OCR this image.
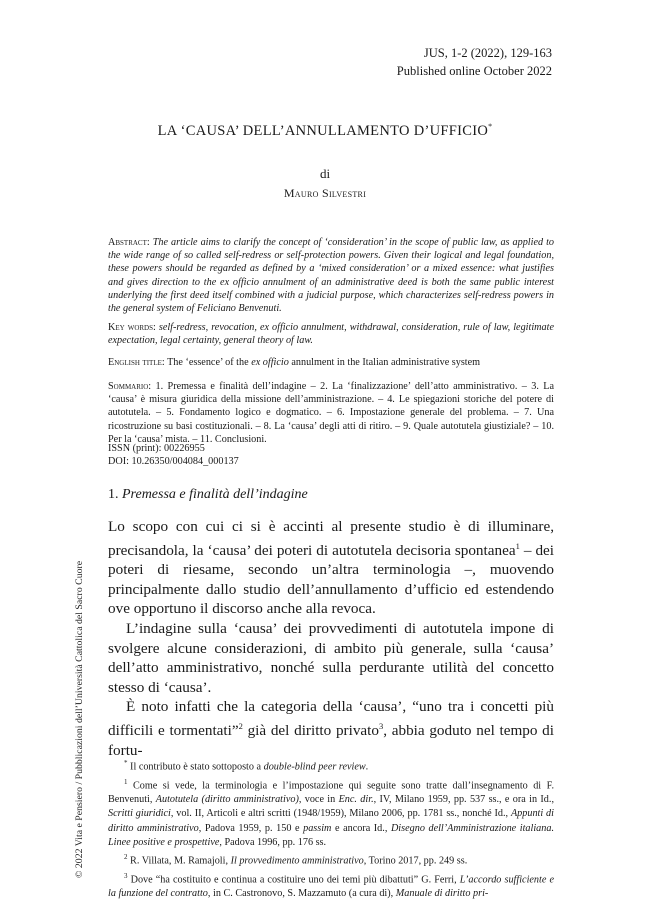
JUS, 1-2 (2022), 129-163
Published online October 2022
LA ‘CAUSA’ DELL’ANNULLAMENTO D’UFFICIO*
di
Mauro Silvestri
Abstract: The article aims to clarify the concept of ‘consideration’ in the scope of public law, as applied to the wide range of so called self-redress or self-protection powers. Given their logical and legal foundation, these powers should be regarded as defined by a ‘mixed consideration’ or a mixed essence: what justifies and gives direction to the ex officio annulment of an administrative deed is both the same public interest underlying the first deed itself combined with a judicial purpose, which characterizes self-redress powers in the general system of Feliciano Benvenuti.
Key words: self-redress, revocation, ex officio annulment, withdrawal, consideration, rule of law, legitimate expectation, legal certainty, general theory of law.
English title: The ‘essence’ of the ex officio annulment in the Italian administrative system
Sommario: 1. Premessa e finalità dell’indagine – 2. La ‘finalizzazione’ dell’atto amministrativo. – 3. La ‘causa’ è misura giuridica della missione dell’amministrazione. – 4. Le spiegazioni storiche del potere di autotutela. – 5. Fondamento logico e dogmatico. – 6. Impostazione generale del problema. – 7. Una ricostruzione su basi costituzionali. – 8. La ‘causa’ degli atti di ritiro. – 9. Quale autotutela giustiziale? – 10. Per la ‘causa’ mista. – 11. Conclusioni.
ISSN (print): 00226955
DOI: 10.26350/004084_000137
1. Premessa e finalità dell’indagine

Lo scopo con cui ci si è accinti al presente studio è di illuminare, precisandola, la ‘causa’ dei poteri di autotutela decisoria spontanea$^1$ – dei poteri di riesame, secondo un’altra terminologia –, muovendo principalmente dallo studio dell’annullamento d’ufficio ed estendendo ove opportuno il discorso anche alla revoca.

L’indagine sulla ‘causa’ dei provvedimenti di autotutela impone di svolgere alcune considerazioni, di ambito più generale, sulla ‘causa’ dell’atto amministrativo, nonché sulla perdurante utilità del concetto stesso di ‘causa’.

È noto infatti che la categoria della ‘causa’, “uno tra i concetti più difficili e tormentati”$^2$ già del diritto privato$^3$, abbia goduto nel tempo di fortu-

* Il contributo è stato sottoposto a double-blind peer review.

$^1$ Come si vede, la terminologia e l’impostazione qui seguite sono tratte dall’insegnamento di F. Benvenuti, Autotutela (diritto amministrativo), voce in Enc. dir., IV, Milano 1959, pp. 537 ss., e ora in Id., Scritti giuridici, vol. II, Articoli e altri scritti (1948/1959), Milano 2006, pp. 1781 ss., nonché Id., Appunti di diritto amministrativo, Padova 1959, p. 150 e passim e ancora Id., Disegno dell’Amministrazione italiana. Linee positive e prospettive, Padova 1996, pp. 176 ss.

$^2$ R. Villata, M. Ramajoli, Il provvedimento amministrativo, Torino 2017, pp. 249 ss.

$^3$ Dove “ha costituito e continua a costituire uno dei temi più dibattuti” G. Ferri, L’accordo sufficiente e la funzione del contratto, in C. Castronovo, S. Mazzamuto (a cura di), Manuale di diritto pri-

© 2022 Vita e Pensiero / Pubblicazioni dell’Università Cattolica del Sacro Cuore
